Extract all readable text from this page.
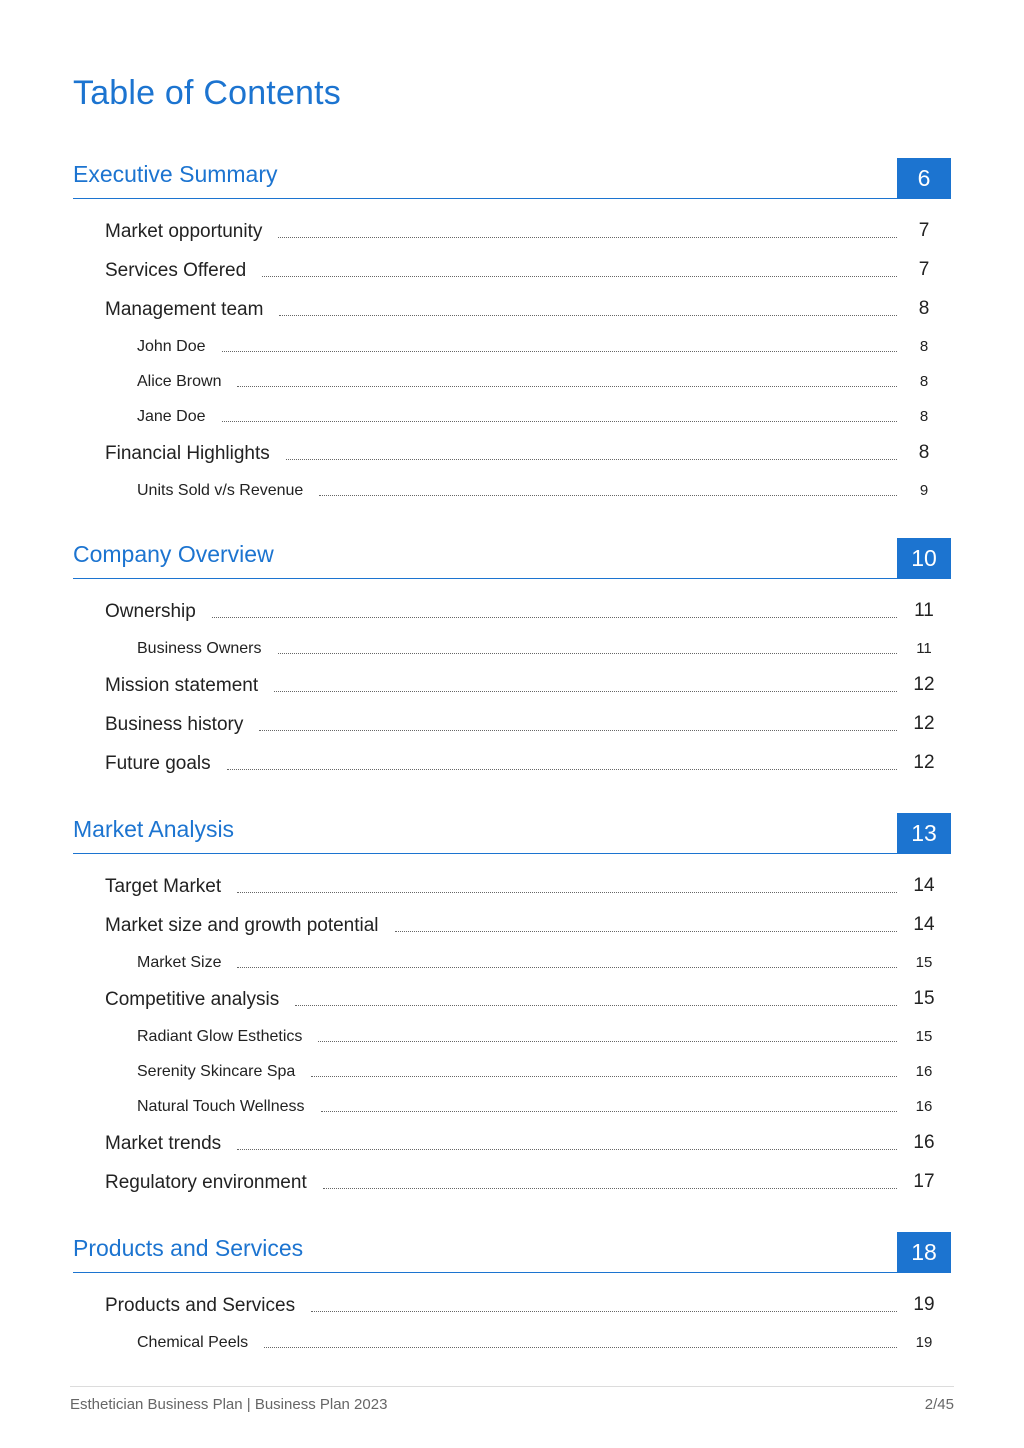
Table of Contents
Executive Summary	6
Market opportunity	7
Services Offered	7
Management team	8
John Doe	8
Alice Brown	8
Jane Doe	8
Financial Highlights	8
Units Sold v/s Revenue	9
Company Overview	10
Ownership	11
Business Owners	11
Mission statement	12
Business history	12
Future goals	12
Market Analysis	13
Target Market	14
Market size and growth potential	14
Market Size	15
Competitive analysis	15
Radiant Glow Esthetics	15
Serenity Skincare Spa	16
Natural Touch Wellness	16
Market trends	16
Regulatory environment	17
Products and Services	18
Products and Services	19
Chemical Peels	19
Esthetician Business Plan | Business Plan 2023	2/45
